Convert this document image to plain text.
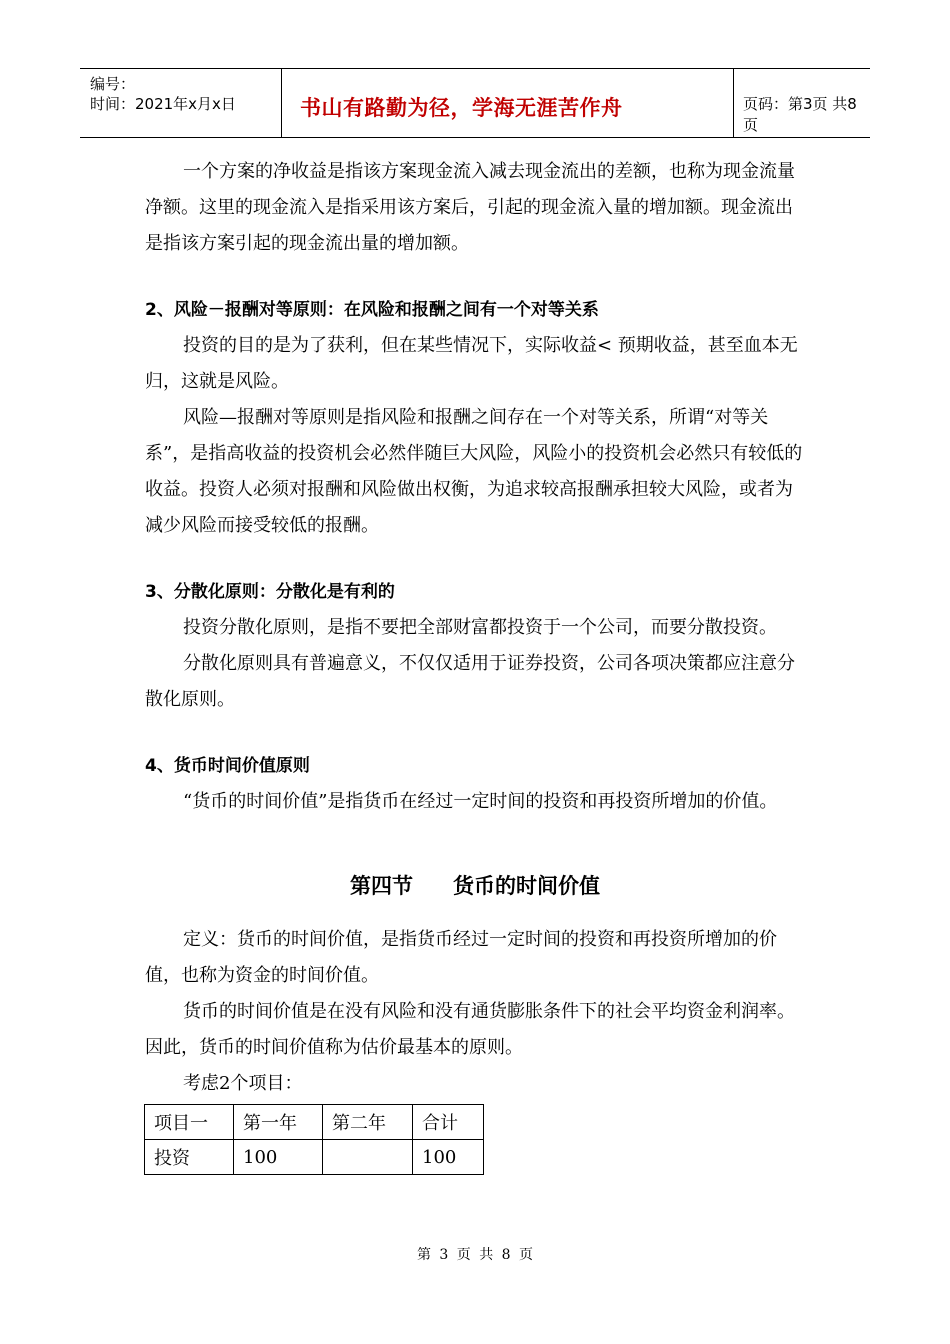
编号：
时间：2021年x月x日	书山有路勤为径，学海无涯苦作舟	页码：第3页 共8页

一个方案的净收益是指该方案现金流入减去现金流出的差额，也称为现金流量净额。这里的现金流入是指采用该方案后，引起的现金流入量的增加额。现金流出是指该方案引起的现金流出量的增加额。

2、风险－报酬对等原则：在风险和报酬之间有一个对等关系

投资的目的是为了获利，但在某些情况下，实际收益< 预期收益，甚至血本无归，这就是风险。

风险—报酬对等原则是指风险和报酬之间存在一个对等关系，所谓“对等关系”，是指高收益的投资机会必然伴随巨大风险，风险小的投资机会必然只有较低的收益。投资人必须对报酬和风险做出权衡，为追求较高报酬承担较大风险，或者为减少风险而接受较低的报酬。

3、分散化原则：分散化是有利的

投资分散化原则，是指不要把全部财富都投资于一个公司，而要分散投资。

分散化原则具有普遍意义，不仅仅适用于证券投资，公司各项决策都应注意分散化原则。

4、货币时间价值原则

“货币的时间价值”是指货币在经过一定时间的投资和再投资所增加的价值。

第四节 货币的时间价值

定义：货币的时间价值，是指货币经过一定时间的投资和再投资所增加的价值，也称为资金的时间价值。

货币的时间价值是在没有风险和没有通货膨胀条件下的社会平均资金利润率。因此，货币的时间价值称为估价最基本的原则。

考虑2个项目：

项目一	第一年	第二年	合计
投资	100		100
第 3 页 共 8 页
